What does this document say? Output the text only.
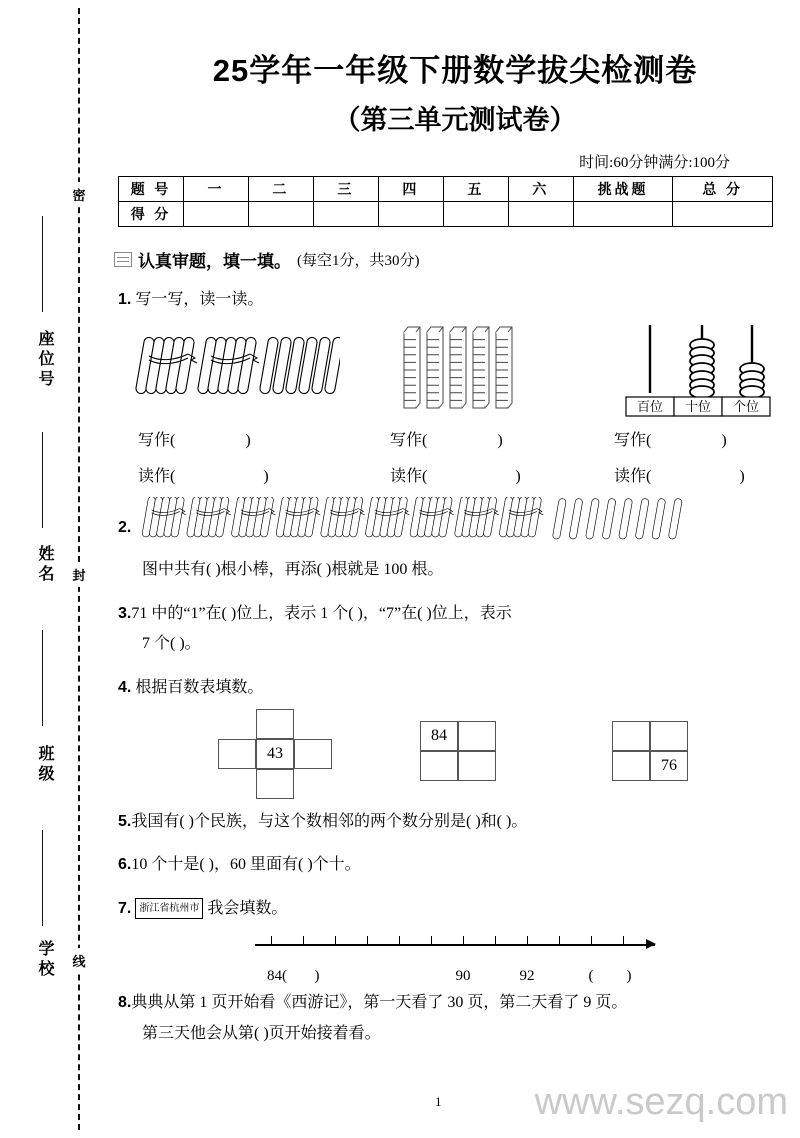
密
封
线
座位号
姓名
班级
学校
25学年一年级下册数学拔尖检测卷
（第三单元测试卷）
时间:60分钟满分:100分
题 号	一	二	三	四	五	六	挑战题	总 分
得 分								
认真审题，填一填。 (每空1分，共30分)
1. 写一写，读一读。
百位 十位 个位
写作(	)	写作(	)	写作(	)
读作(	)	读作(	)	读作(	)
2.
图中共有( )根小棒，再添( )根就是 100 根。
3.71 中的“1”在( )位上，表示 1 个( )，“7”在( )位上，表示
7 个( )。
4. 根据百数表填数。
43
84
76
5.我国有( )个民族，与这个数相邻的两个数分别是( )和( )。
6.10 个十是( )，60 里面有( )个十。
7. 浙江省杭州市 我会填数。
84( )	90	92	( )
8.典典从第 1 页开始看《西游记》，第一天看了 30 页，第二天看了 9 页。
第三天他会从第( )页开始接着看。
1 www.sezq.com
